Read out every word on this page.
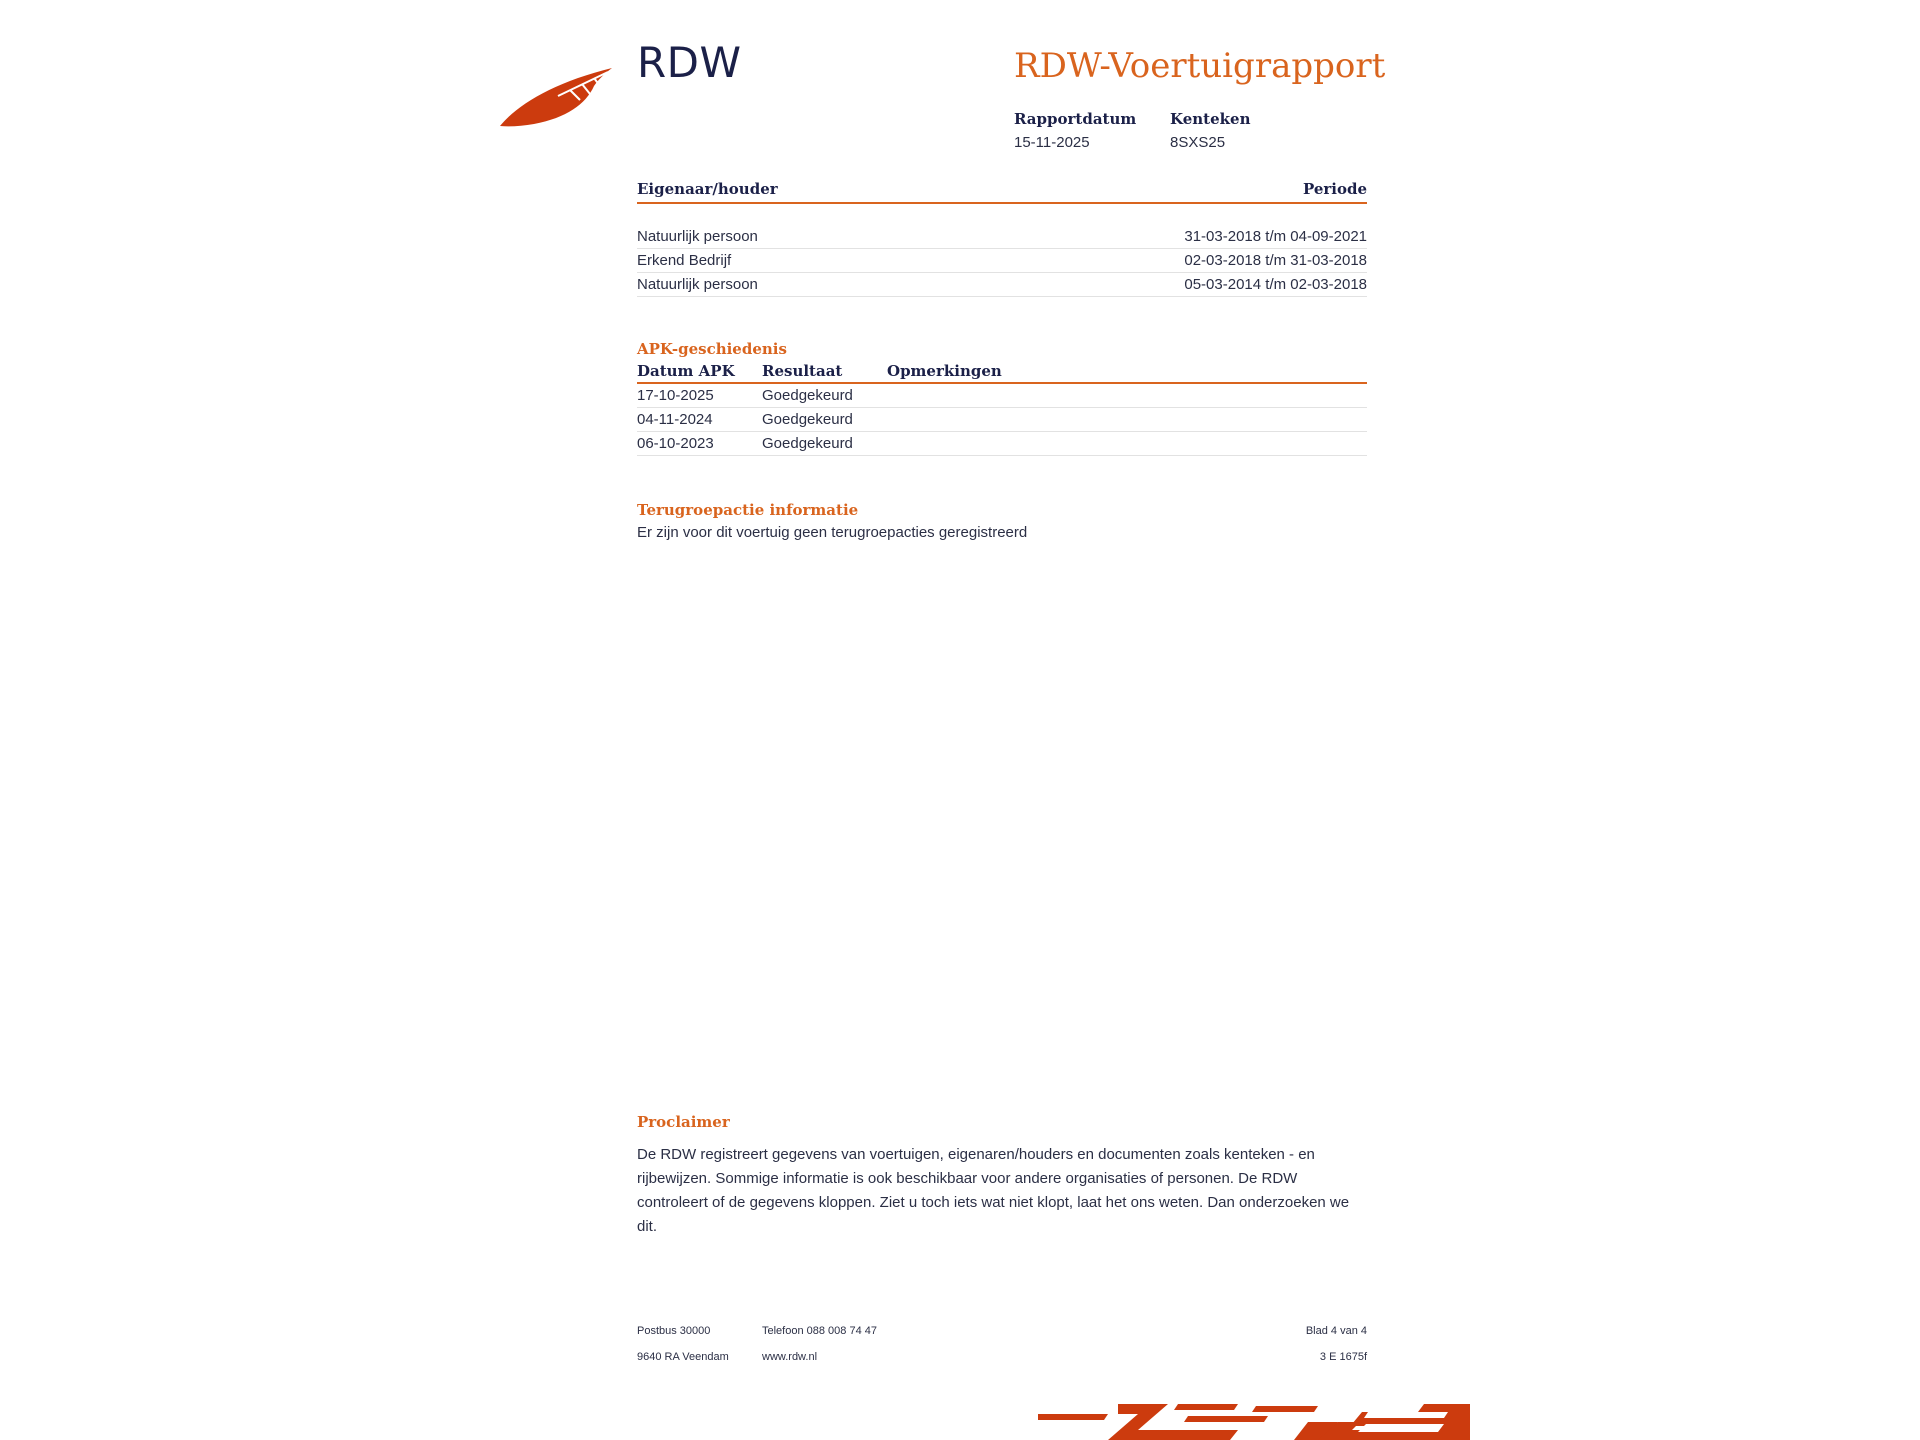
RDW	RDW-Voertuigrapport
Rapportdatum
15-11-2025
Kenteken
8SXS25
Eigenaar/houder	Periode
Natuurlijk persoon	31-03-2018 t/m 04-09-2021
Erkend Bedrijf	02-03-2018 t/m 31-03-2018
Natuurlijk persoon	05-03-2014 t/m 02-03-2018
APK-geschiedenis
Datum APK	Resultaat	Opmerkingen
17-10-2025	Goedgekeurd
04-11-2024	Goedgekeurd
06-10-2023	Goedgekeurd
Terugroepactie informatie
Er zijn voor dit voertuig geen terugroepacties geregistreerd
Proclaimer
De RDW registreert gegevens van voertuigen, eigenaren/houders en documenten zoals kenteken - en rijbewijzen. Sommige informatie is ook beschikbaar voor andere organisaties of personen. De RDW controleert of de gegevens kloppen. Ziet u toch iets wat niet klopt, laat het ons weten. Dan onderzoeken we dit.
Postbus 30000	Telefoon 088 008 74 47	Blad 4 van 4
9640 RA Veendam	www.rdw.nl	3 E 1675f
